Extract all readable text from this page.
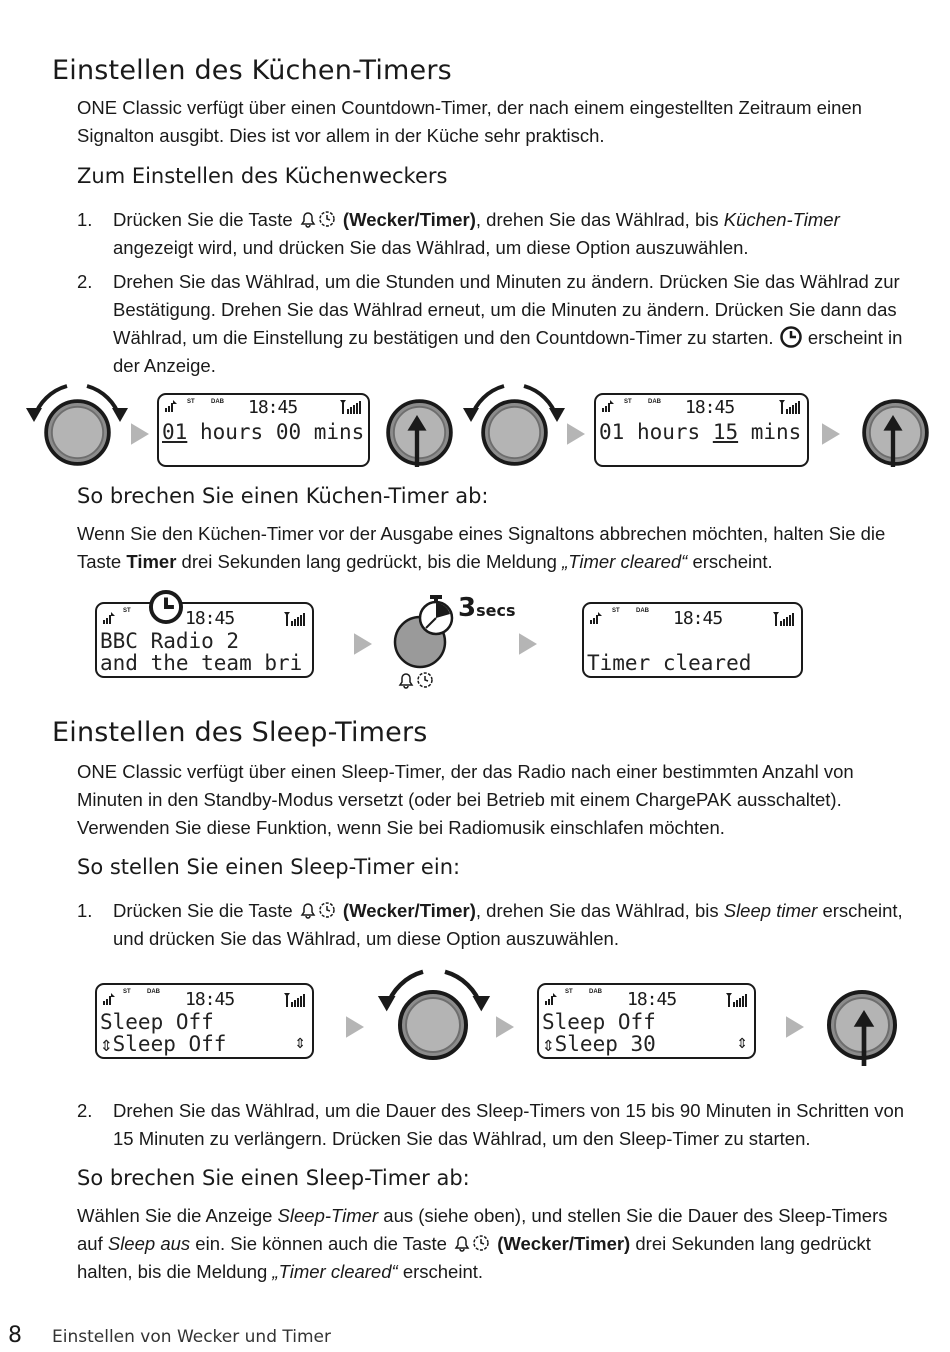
Einstellen des Küchen-Timers

ONE Classic verfügt über einen Countdown-Timer, der nach einem eingestellten Zeitraum einen Signalton ausgibt. Dies ist vor allem in der Küche sehr praktisch.

Zum Einstellen des Küchenweckers
1. Drücken Sie die Taste	(Wecker/Timer), drehen Sie das Wählrad, bis Küchen-Timer angezeigt wird, und drücken Sie das Wählrad, um diese Option auszuwählen.
2. Drehen Sie das Wählrad, um die Stunden und Minuten zu ändern. Drücken Sie das Wählrad zur Bestätigung. Drehen Sie das Wählrad erneut, um die Minuten zu ändern. Drücken Sie dann das Wählrad, um die Einstellung zu bestätigen und den Countdown-Timer zu starten. erscheint in der Anzeige.
ST	DAB 18:45
01 hours 00 mins
ST	DAB 18:45
01 hours 15 mins
So brechen Sie einen Küchen-Timer ab:

Wenn Sie den Küchen-Timer vor der Ausgabe eines Signaltons abbrechen möchten, halten Sie die Taste Timer drei Sekunden lang gedrückt, bis die Meldung „Timer cleared“ erscheint.

ST	18:45
BBC Radio 2
and the team bri
3secs	ST	DAB 18:45
Timer cleared
Einstellen des Sleep-Timers

ONE Classic verfügt über einen Sleep-Timer, der das Radio nach einer bestimmten Anzahl von Minuten in den Standby-Modus versetzt (oder bei Betrieb mit einem ChargePAK ausschaltet). Verwenden Sie diese Funktion, wenn Sie bei Radiomusik einschlafen möchten.

So stellen Sie einen Sleep-Timer ein:
1. Drücken Sie die Taste	(Wecker/Timer), drehen Sie das Wählrad, bis Sleep timer erscheint, und drücken Sie das Wählrad, um diese Option auszuwählen.
ST	DAB 18:45
Sleep Off
⇕Sleep Off	⇕
ST	DAB 18:45
Sleep Off
⇕Sleep 30	⇕
2. Drehen Sie das Wählrad, um die Dauer des Sleep-Timers von 15 bis 90 Minuten in Schritten von 15 Minuten zu verlängern. Drücken Sie das Wählrad, um den Sleep-Timer zu starten.
So brechen Sie einen Sleep-Timer ab:

Wählen Sie die Anzeige Sleep-Timer aus (siehe oben), und stellen Sie die Dauer des Sleep-Timers auf Sleep aus ein. Sie können auch die Taste	(Wecker/Timer) drei Sekunden lang gedrückt halten, bis die Meldung „Timer cleared“ erscheint.

8 Einstellen von Wecker und Timer
